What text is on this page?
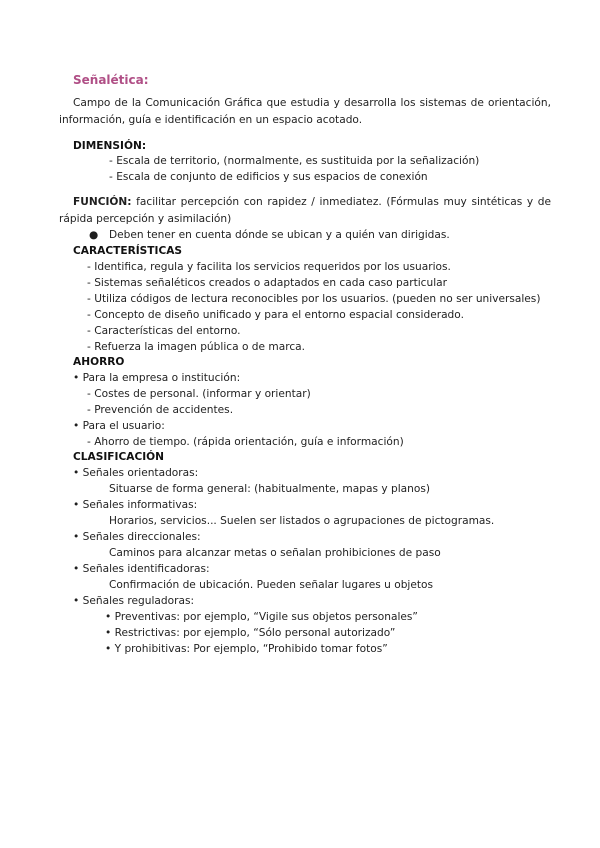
Señalética:
Campo de la Comunicación Gráfica que estudia y desarrolla los sistemas de orientación, información, guía e identificación en un espacio acotado.
DIMENSIÓN:
- Escala de territorio, (normalmente, es sustituida por la señalización)
- Escala de conjunto de edificios y sus espacios de conexión
FUNCIÓN: facilitar percepción con rapidez / inmediatez. (Fórmulas muy sintéticas y de rápida percepción y asimilación)
● Deben tener en cuenta dónde se ubican y a quién van dirigidas.
CARACTERÍSTICAS
- Identifica, regula y facilita los servicios requeridos por los usuarios.
- Sistemas señaléticos creados o adaptados en cada caso particular
- Utiliza códigos de lectura reconocibles por los usuarios. (pueden no ser universales)
- Concepto de diseño unificado y para el entorno espacial considerado.
- Características del entorno.
- Refuerza la imagen pública o de marca.
AHORRO
• Para la empresa o institución:
- Costes de personal. (informar y orientar)
- Prevención de accidentes.
• Para el usuario:
- Ahorro de tiempo. (rápida orientación, guía e información)
CLASIFICACIÓN
• Señales orientadoras:
Situarse de forma general: (habitualmente, mapas y planos)
• Señales informativas:
Horarios, servicios... Suelen ser listados o agrupaciones de pictogramas.
• Señales direccionales:
Caminos para alcanzar metas o señalan prohibiciones de paso
• Señales identificadoras:
Confirmación de ubicación. Pueden señalar lugares u objetos
• Señales reguladoras:
• Preventivas: por ejemplo, “Vigile sus objetos personales”
• Restrictivas: por ejemplo, “Sólo personal autorizado”
• Y prohibitivas: Por ejemplo, “Prohibido tomar fotos”
